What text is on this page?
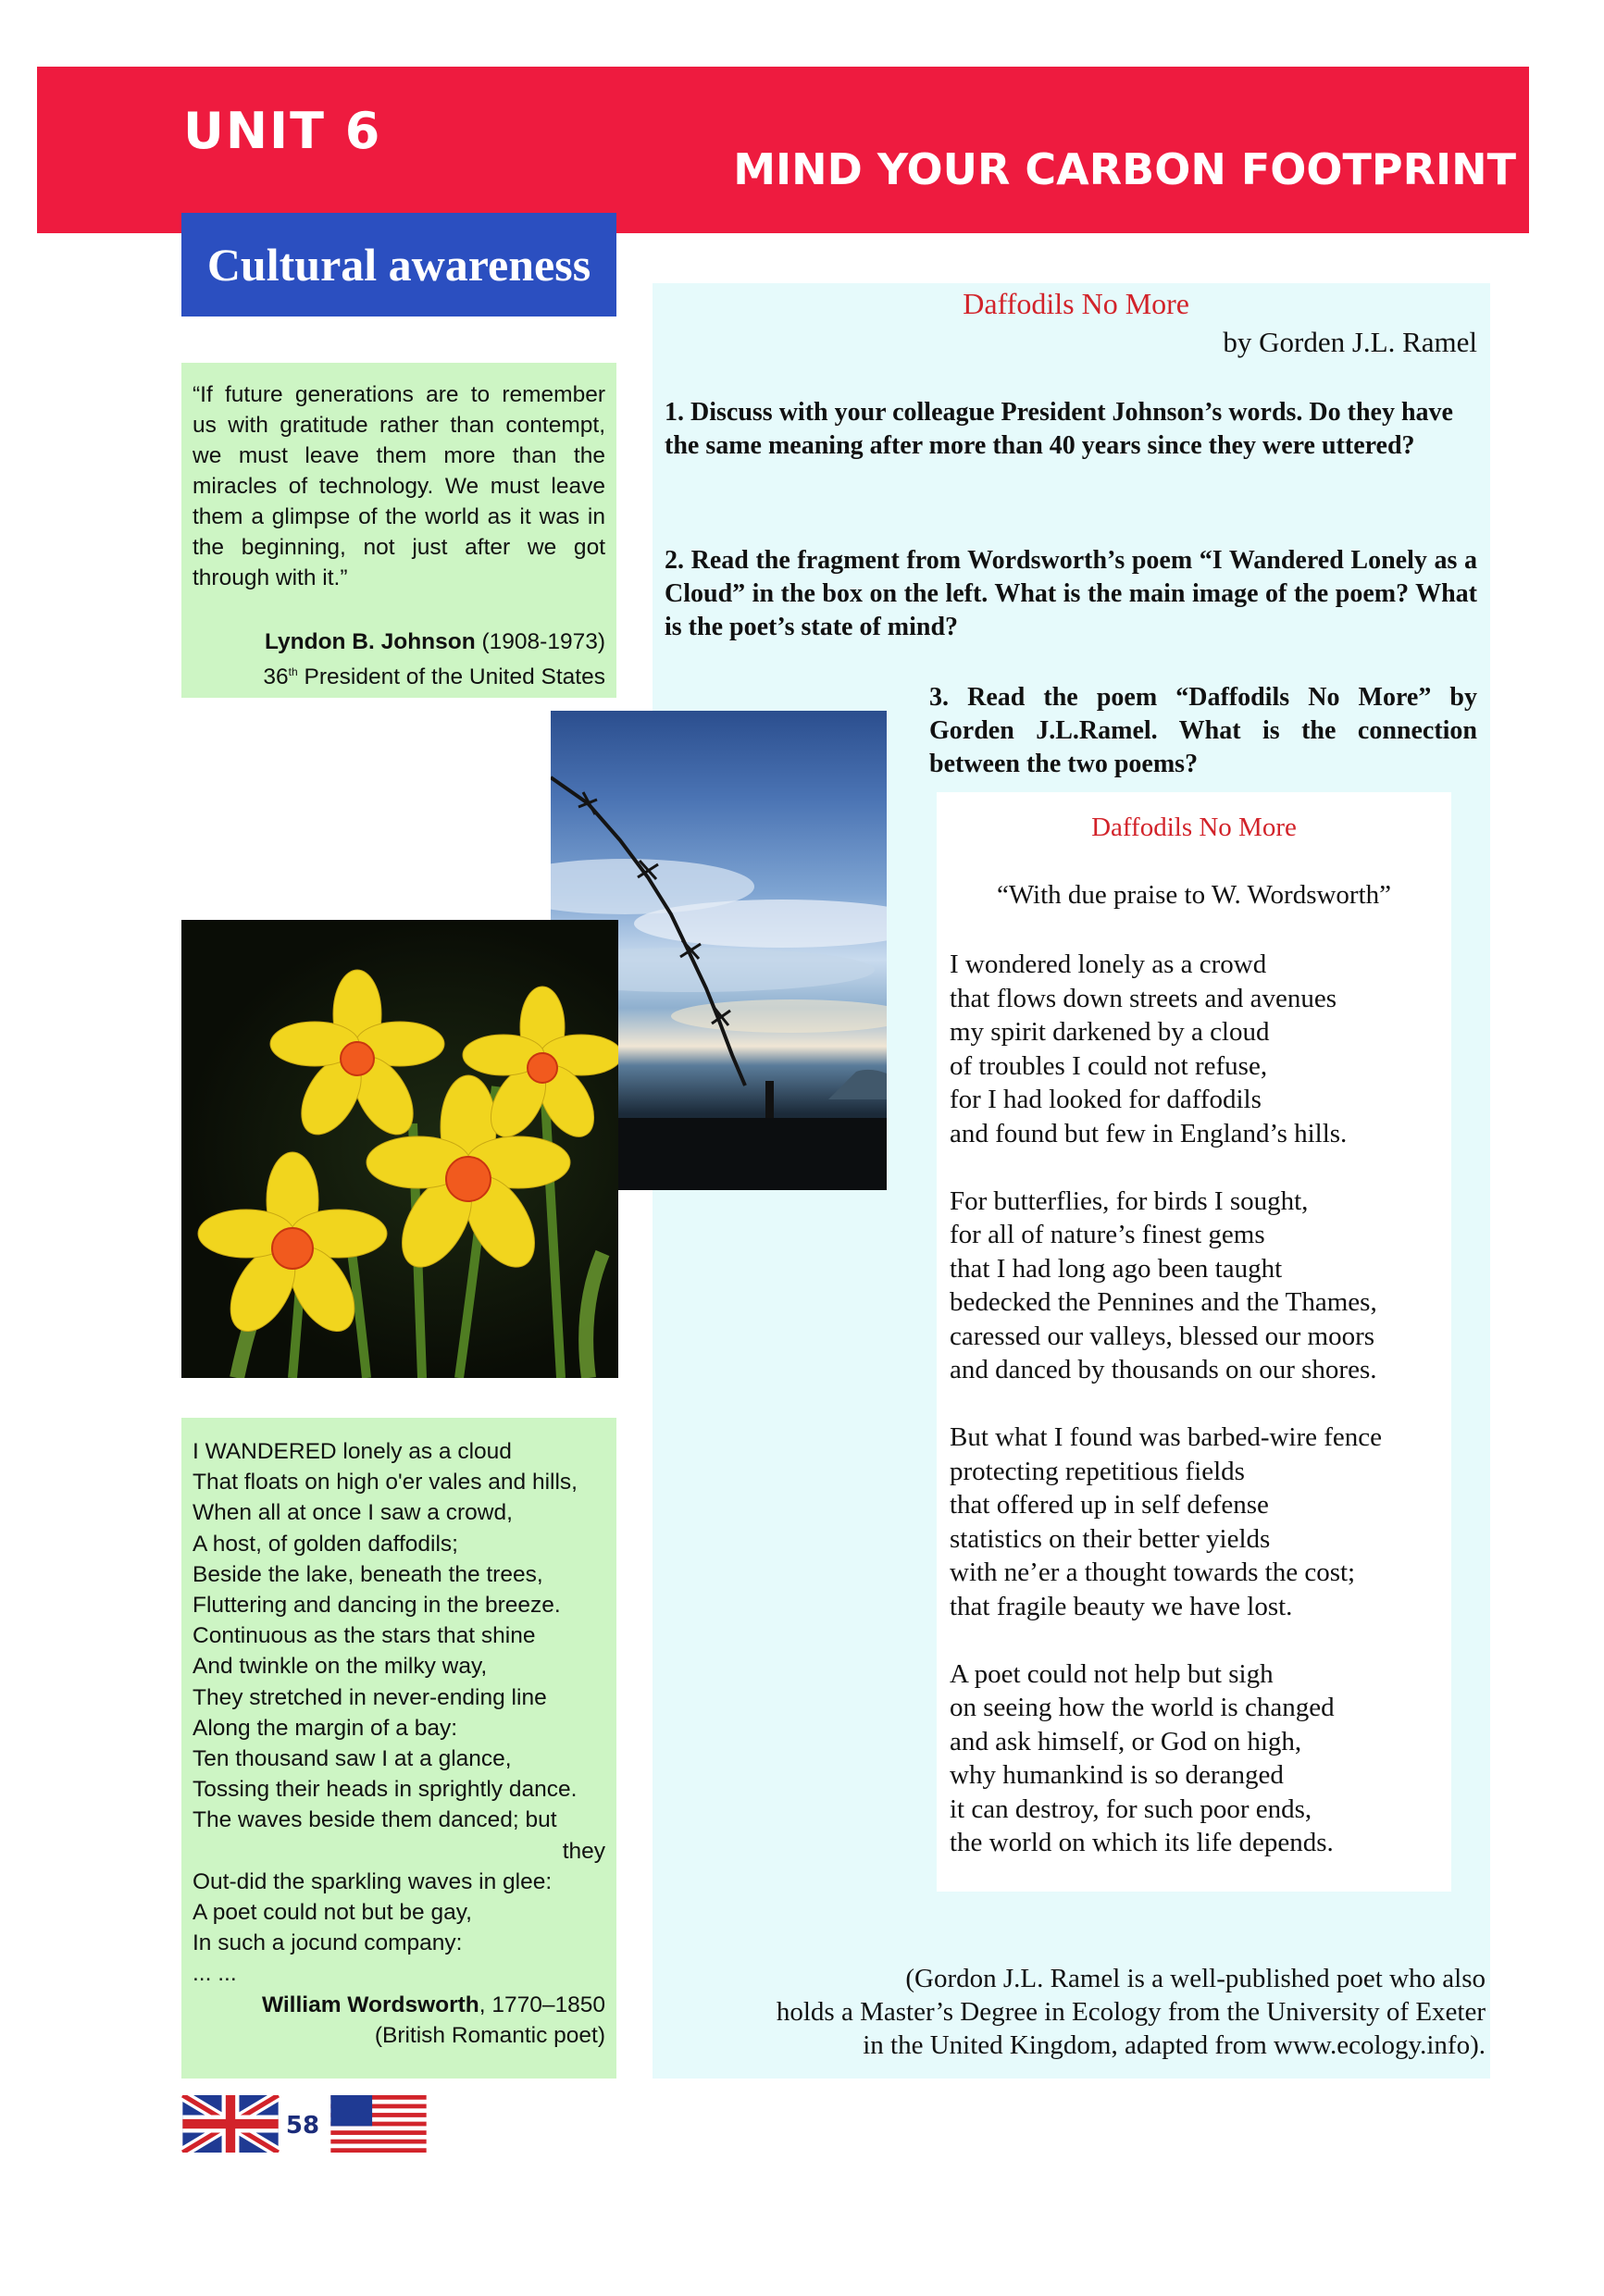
UNIT 6
MIND YOUR CARBON FOOTPRINT
Cultural awareness

“If future generations are to remember us with gratitude rather than contempt, we must leave them more than the miracles of technology. We must leave them a glimpse of the world as it was in the beginning, not just after we got through with it.”

Lyndon B. Johnson (1908-1973)
36th President of the United States
Daffodils No More
by Gorden J.L. Ramel

1. Discuss with your colleague President Johnson’s words. Do they have the same meaning after more than 40 years since they were uttered?

2. Read the fragment from Wordsworth’s poem “I Wandered Lonely as a Cloud” in the box on the left. What is the main image of the poem? What is the poet’s state of mind?

3. Read the poem “Daffodils No More” by Gorden J.L.Ramel. What is the connection between the two poems?

I WANDERED lonely as a cloud
That floats on high o'er vales and hills,
When all at once I saw a crowd,
A host, of golden daffodils;
Beside the lake, beneath the trees,
Fluttering and dancing in the breeze.
Continuous as the stars that shine
And twinkle on the milky way,
They stretched in never-ending line
Along the margin of a bay:
Ten thousand saw I at a glance,
Tossing their heads in sprightly dance.
The waves beside them danced; but
they
Out-did the sparkling waves in glee:
A poet could not but be gay,
In such a jocund company:
... ...
William Wordsworth, 1770–1850
(British Romantic poet)
Daffodils No More
“With due praise to W. Wordsworth”
I wondered lonely as a crowd
that flows down streets and avenues
my spirit darkened by a cloud
of troubles I could not refuse,
for I had looked for daffodils
and found but few in England’s hills.
For butterflies, for birds I sought,
for all of nature’s finest gems
that I had long ago been taught
bedecked the Pennines and the Thames,
caressed our valleys, blessed our moors
and danced by thousands on our shores.
But what I found was barbed-wire fence
protecting repetitious fields
that offered up in self defense
statistics on their better yields
with ne’er a thought towards the cost;
that fragile beauty we have lost.
A poet could not help but sigh
on seeing how the world is changed
and ask himself, or God on high,
why humankind is so deranged
it can destroy, for such poor ends,
the world on which its life depends.
(Gordon J.L. Ramel is a well-published poet who also
holds a Master’s Degree in Ecology from the University of Exeter
in the United Kingdom, adapted from www.ecology.info).
58
